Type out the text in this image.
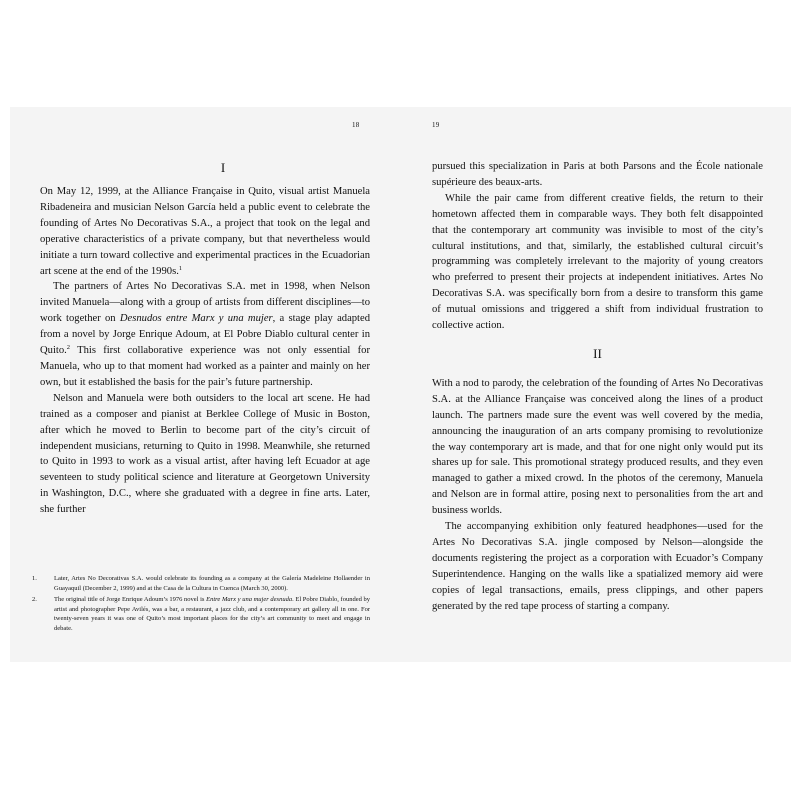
18
I

On May 12, 1999, at the Alliance Française in Quito, visual artist Manuela Ribadeneira and musician Nelson García held a public event to celebrate the founding of Artes No Decorativas S.A., a project that took on the legal and operative characteristics of a private company, but that nevertheless would initiate a turn toward collective and experimental practices in the Ecuadorian art scene at the end of the 1990s.$^1$

The partners of Artes No Decorativas S.A. met in 1998, when Nelson invited Manuela—along with a group of artists from different disciplines—to work together on Desnudos entre Marx y una mujer, a stage play adapted from a novel by Jorge Enrique Adoum, at El Pobre Diablo cultural center in Quito.$^2$ This first collaborative experience was not only essential for Manuela, who up to that moment had worked as a painter and mainly on her own, but it established the basis for the pair’s future partnership.

Nelson and Manuela were both outsiders to the local art scene. He had trained as a composer and pianist at Berklee College of Music in Boston, after which he moved to Berlin to become part of the city’s circuit of independent musicians, returning to Quito in 1998. Meanwhile, she returned to Quito in 1993 to work as a visual artist, after having left Ecuador at age seventeen to study political science and literature at Georgetown University in Washington, D.C., where she graduated with a degree in fine arts. Later, she further

1.	Later, Artes No Decorativas S.A. would celebrate its founding as a company at the Galería Madeleine Hollaender in Guayaquil (December 2, 1999) and at the Casa de la Cultura in Cuenca (March 30, 2000).
2.	The original title of Jorge Enrique Adoum’s 1976 novel is Entre Marx y una mujer desnuda. El Pobre Diablo, founded by artist and photographer Pepe Avilés, was a bar, a restaurant, a jazz club, and a contemporary art gallery all in one. For twenty-seven years it was one of Quito’s most important places for the city’s art community to meet and engage in debate.
19

pursued this specialization in Paris at both Parsons and the École nationale supérieure des beaux-arts.

While the pair came from different creative fields, the return to their hometown affected them in comparable ways. They both felt disappointed that the contemporary art community was invisible to most of the city’s cultural institutions, and that, similarly, the established cultural circuit’s programming was completely irrelevant to the majority of young creators who preferred to present their projects at independent initiatives. Artes No Decorativas S.A. was specifically born from a desire to transform this game of mutual omissions and triggered a shift from individual frustration to collective action.

II

With a nod to parody, the celebration of the founding of Artes No Decorativas S.A. at the Alliance Française was conceived along the lines of a product launch. The partners made sure the event was well covered by the media, announcing the inauguration of an arts company promising to revolutionize the way contemporary art is made, and that for one night only would put its shares up for sale. This promotional strategy produced results, and they even managed to gather a mixed crowd. In the photos of the ceremony, Manuela and Nelson are in formal attire, posing next to personalities from the art and business worlds.

The accompanying exhibition only featured headphones—used for the Artes No Decorativas S.A. jingle composed by Nelson—alongside the documents registering the project as a corporation with Ecuador’s Company Superintendence. Hanging on the walls like a spatialized memory aid were copies of legal transactions, emails, press clippings, and other papers generated by the red tape process of starting a company.
